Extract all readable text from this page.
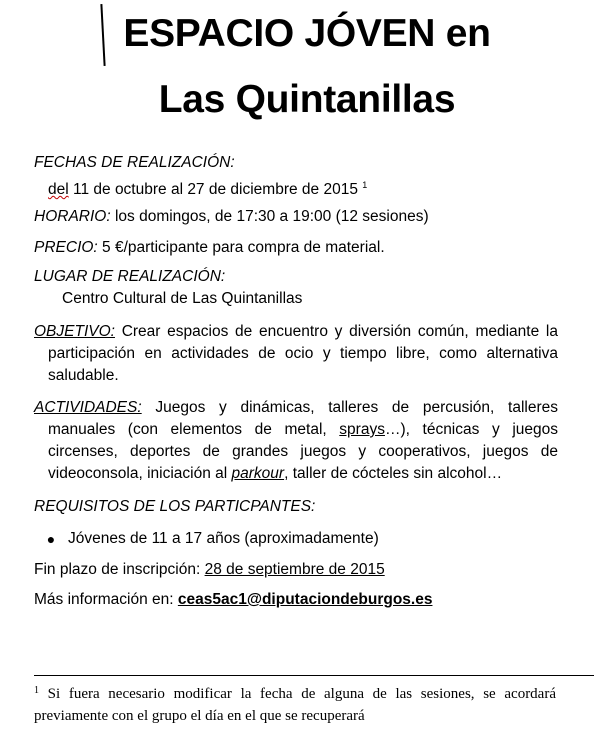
ESPACIO JÓVEN en
Las Quintanillas
FECHAS DE REALIZACIÓN:
del 11 de octubre al 27 de diciembre de 2015 $^1$
HORARIO: los domingos, de 17:30 a 19:00 (12 sesiones)
PRECIO: 5 €/participante para compra de material.
LUGAR DE REALIZACIÓN:
Centro Cultural de Las Quintanillas
OBJETIVO: Crear espacios de encuentro y diversión común, mediante la participación en actividades de ocio y tiempo libre, como alternativa saludable.
ACTIVIDADES: Juegos y dinámicas, talleres de percusión, talleres manuales (con elementos de metal, sprays…), técnicas y juegos circenses, deportes de grandes juegos y cooperativos, juegos de videoconsola, iniciación al parkour, taller de cócteles sin alcohol…
REQUISITOS DE LOS PARTICPANTES:
● Jóvenes de 11 a 17 años (aproximadamente)
Fin plazo de inscripción: 28 de septiembre de 2015
Más información en: ceas5ac1@diputaciondeburgos.es
$^1$ Si fuera necesario modificar la fecha de alguna de las sesiones, se acordará previamente con el grupo el día en el que se recuperará
